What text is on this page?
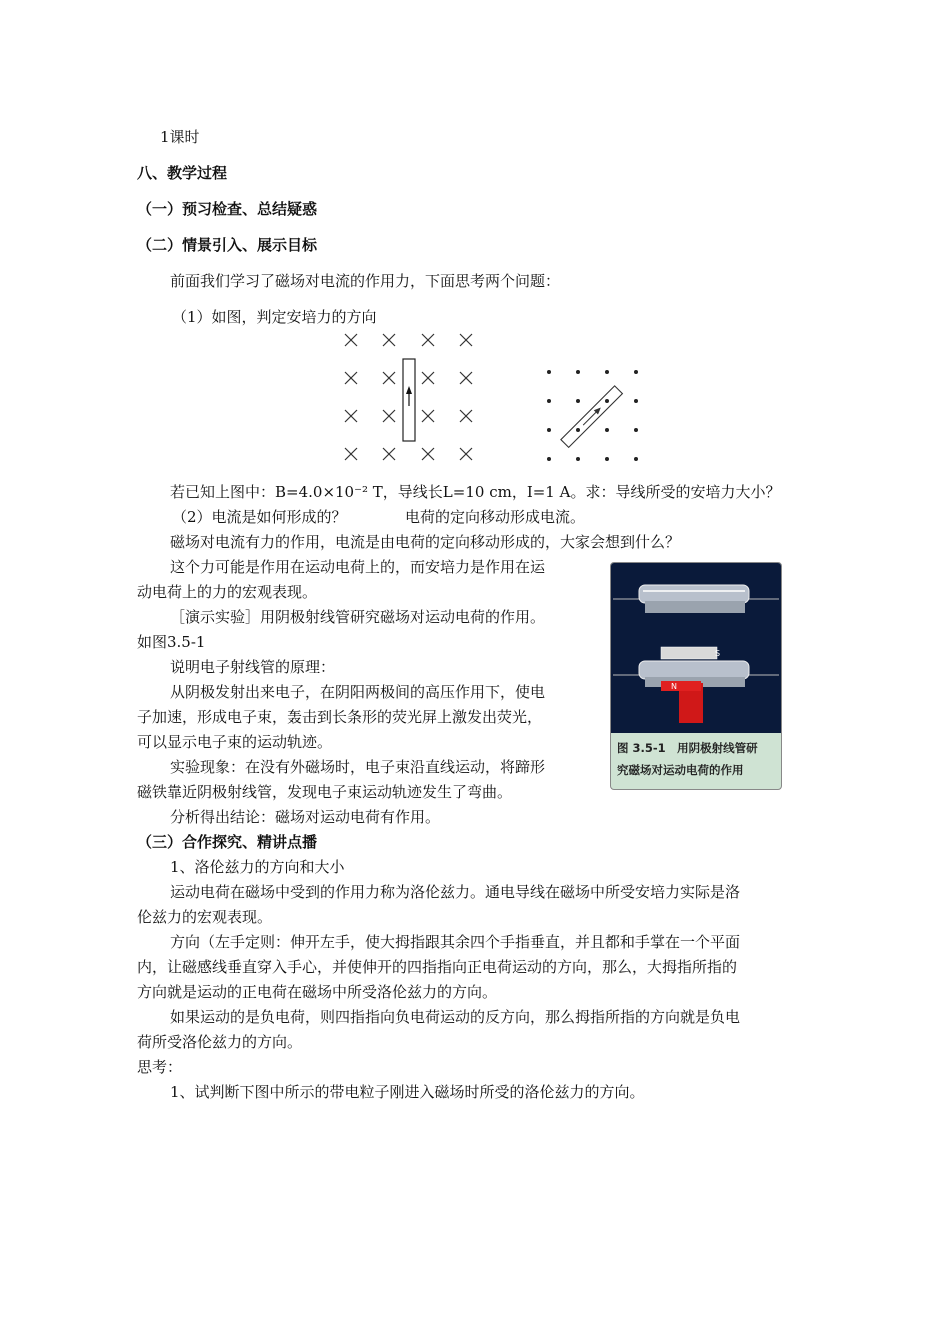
1课时
八、教学过程
（一）预习检查、总结疑惑
（二）情景引入、展示目标
前面我们学习了磁场对电流的作用力，下面思考两个问题：
（1）如图，判定安培力的方向
若已知上图中：B=4.0×10⁻² T，导线长L=10 cm，I=1 A。求：导线所受的安培力大小？
（2）电流是如何形成的？	电荷的定向移动形成电流。
磁场对电流有力的作用，电流是由电荷的定向移动形成的，大家会想到什么？
这个力可能是作用在运动电荷上的，而安培力是作用在运
动电荷上的力的宏观表现。
［演示实验］用阴极射线管研究磁场对运动电荷的作用。
如图3.5-1
说明电子射线管的原理：
从阴极发射出来电子，在阴阳两极间的高压作用下，使电
子加速，形成电子束，轰击到长条形的荧光屏上激发出荧光，
可以显示电子束的运动轨迹。
实验现象：在没有外磁场时，电子束沿直线运动，将蹄形
磁铁靠近阴极射线管，发现电子束运动轨迹发生了弯曲。
分析得出结论：磁场对运动电荷有作用。
S
N
图 3.5-1　用阴极射线管研
究磁场对运动电荷的作用
（三）合作探究、精讲点播
1、洛伦兹力的方向和大小
运动电荷在磁场中受到的作用力称为洛伦兹力。通电导线在磁场中所受安培力实际是洛
伦兹力的宏观表现。
方向（左手定则：伸开左手，使大拇指跟其余四个手指垂直，并且都和手掌在一个平面
内，让磁感线垂直穿入手心，并使伸开的四指指向正电荷运动的方向，那么，大拇指所指的
方向就是运动的正电荷在磁场中所受洛伦兹力的方向。
如果运动的是负电荷，则四指指向负电荷运动的反方向，那么拇指所指的方向就是负电
荷所受洛伦兹力的方向。
思考：
1、试判断下图中所示的带电粒子刚进入磁场时所受的洛伦兹力的方向。
